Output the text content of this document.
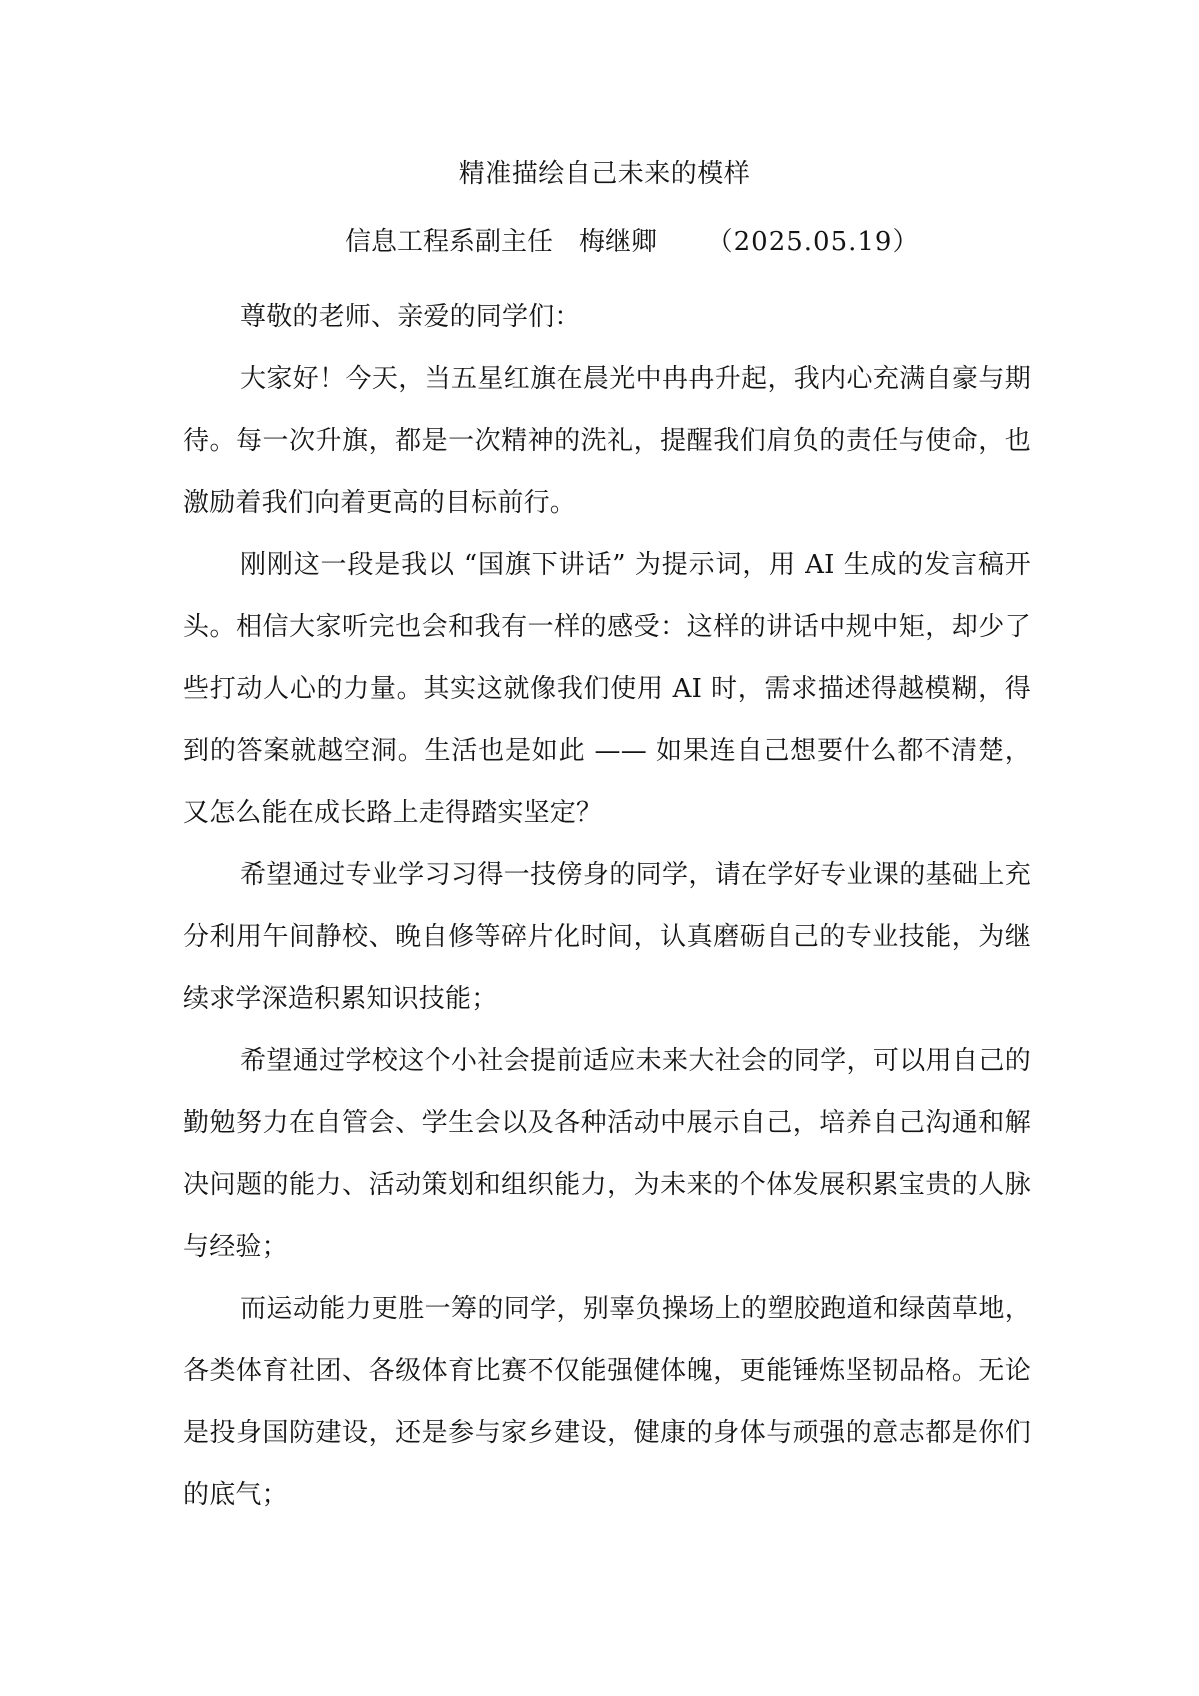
精准描绘自己未来的模样
信息工程系副主任　梅继卿 （2025.05.19）

尊敬的老师、亲爱的同学们：

大家好！今天，当五星红旗在晨光中冉冉升起，我内心充满自豪与期待。每一次升旗，都是一次精神的洗礼，提醒我们肩负的责任与使命，也激励着我们向着更高的目标前行。

刚刚这一段是我以 “国旗下讲话” 为提示词，用 AI 生成的发言稿开头。相信大家听完也会和我有一样的感受：这样的讲话中规中矩，却少了些打动人心的力量。其实这就像我们使用 AI 时，需求描述得越模糊，得到的答案就越空洞。生活也是如此 —— 如果连自己想要什么都不清楚，又怎么能在成长路上走得踏实坚定？

希望通过专业学习习得一技傍身的同学，请在学好专业课的基础上充分利用午间静校、晚自修等碎片化时间，认真磨砺自己的专业技能，为继续求学深造积累知识技能；

希望通过学校这个小社会提前适应未来大社会的同学，可以用自己的勤勉努力在自管会、学生会以及各种活动中展示自己，培养自己沟通和解决问题的能力、活动策划和组织能力，为未来的个体发展积累宝贵的人脉与经验；

而运动能力更胜一筹的同学，别辜负操场上的塑胶跑道和绿茵草地，各类体育社团、各级体育比赛不仅能强健体魄，更能锤炼坚韧品格。无论是投身国防建设，还是参与家乡建设，健康的身体与顽强的意志都是你们的底气；
